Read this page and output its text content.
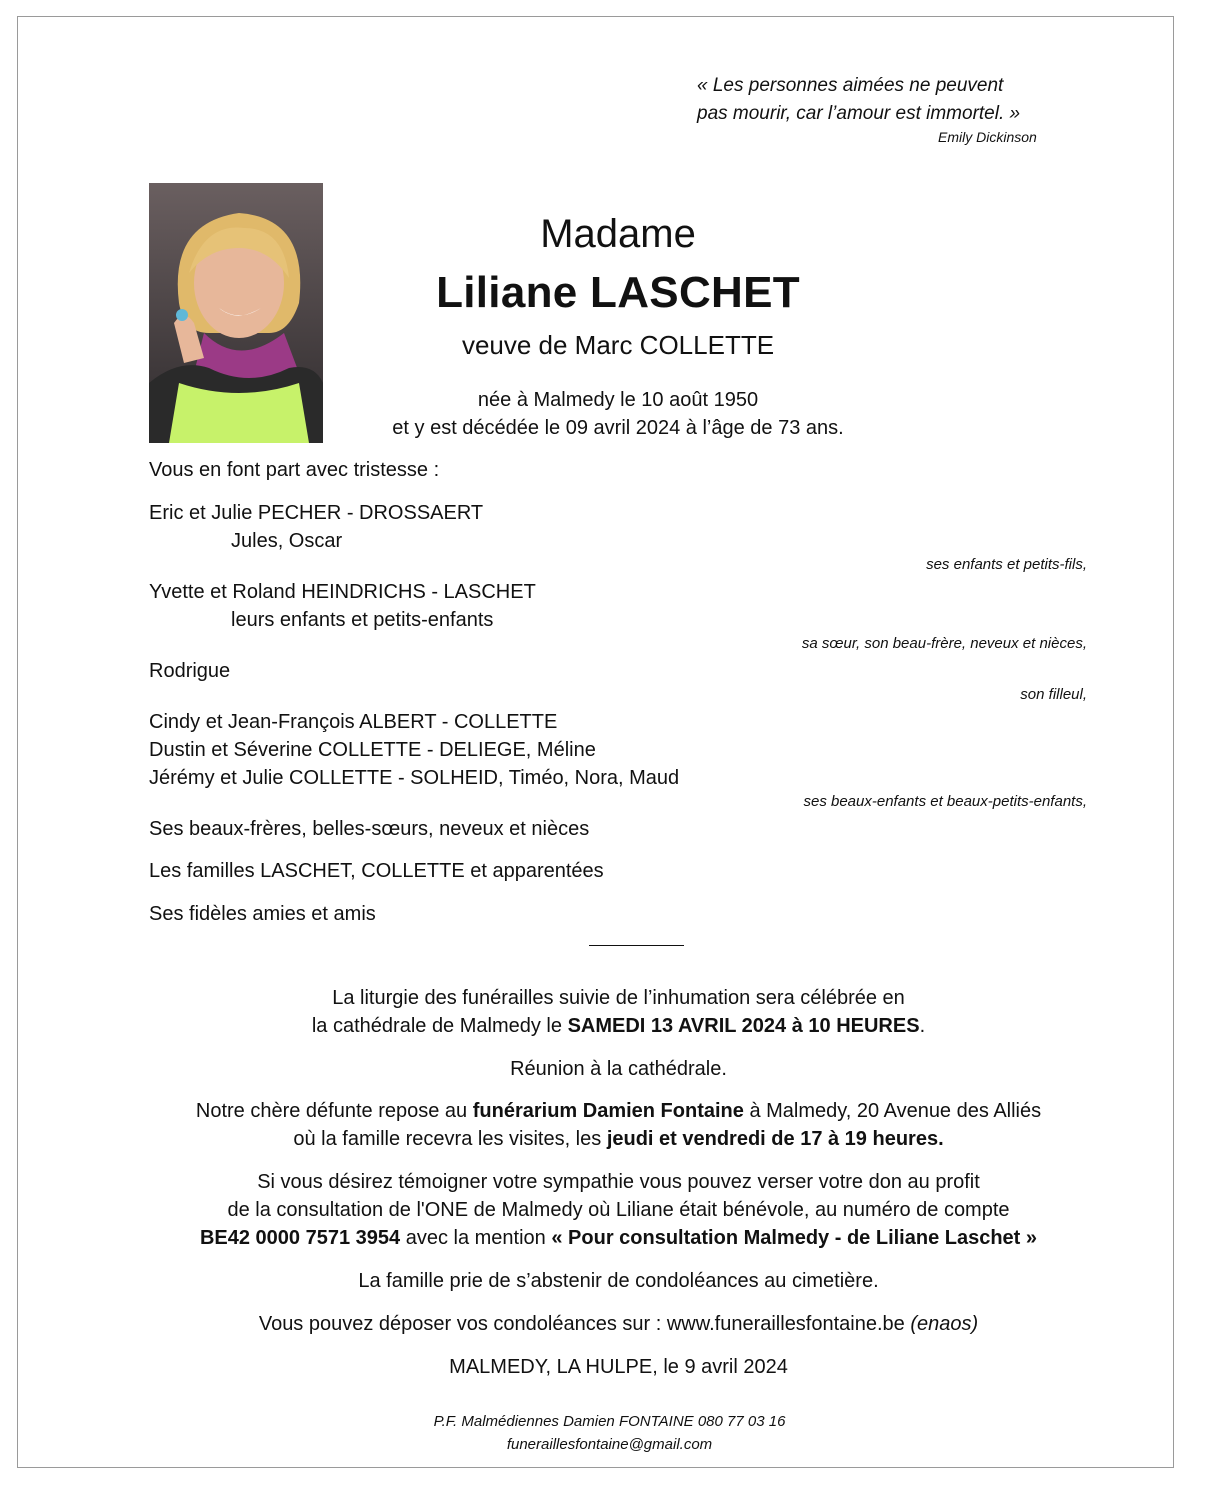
« Les personnes aimées ne peuvent
pas mourir, car l’amour est immortel. »
Emily Dickinson
Madame
Liliane LASCHET
veuve de Marc COLLETTE
née à Malmedy le 10 août 1950
et y est décédée le 09 avril 2024 à l’âge de 73 ans.
Vous en font part avec tristesse :
Eric et Julie PECHER - DROSSAERT
Jules, Oscar
ses enfants et petits-fils,
Yvette et Roland HEINDRICHS - LASCHET
leurs enfants et petits-enfants
sa sœur, son beau-frère, neveux et nièces,
Rodrigue
son filleul,
Cindy et Jean-François ALBERT - COLLETTE
Dustin et Séverine COLLETTE - DELIEGE, Méline
Jérémy et Julie COLLETTE - SOLHEID, Timéo, Nora, Maud
ses beaux-enfants et beaux-petits-enfants,
Ses beaux-frères, belles-sœurs, neveux et nièces
Les familles LASCHET, COLLETTE et apparentées
Ses fidèles amies et amis
La liturgie des funérailles suivie de l’inhumation sera célébrée en
la cathédrale de Malmedy le SAMEDI 13 AVRIL 2024 à 10 HEURES.
Réunion à la cathédrale.
Notre chère défunte repose au funérarium Damien Fontaine à Malmedy, 20 Avenue des Alliés
où la famille recevra les visites, les jeudi et vendredi de 17 à 19 heures.
Si vous désirez témoigner votre sympathie vous pouvez verser votre don au profit
de la consultation de l'ONE de Malmedy où Liliane était bénévole, au numéro de compte
BE42 0000 7571 3954 avec la mention « Pour consultation Malmedy - de Liliane Laschet »
La famille prie de s’abstenir de condoléances au cimetière.
Vous pouvez déposer vos condoléances sur : www.funeraillesfontaine.be (enaos)
MALMEDY, LA HULPE, le 9 avril 2024
P.F. Malmédiennes Damien FONTAINE 080 77 03 16
funeraillesfontaine@gmail.com
